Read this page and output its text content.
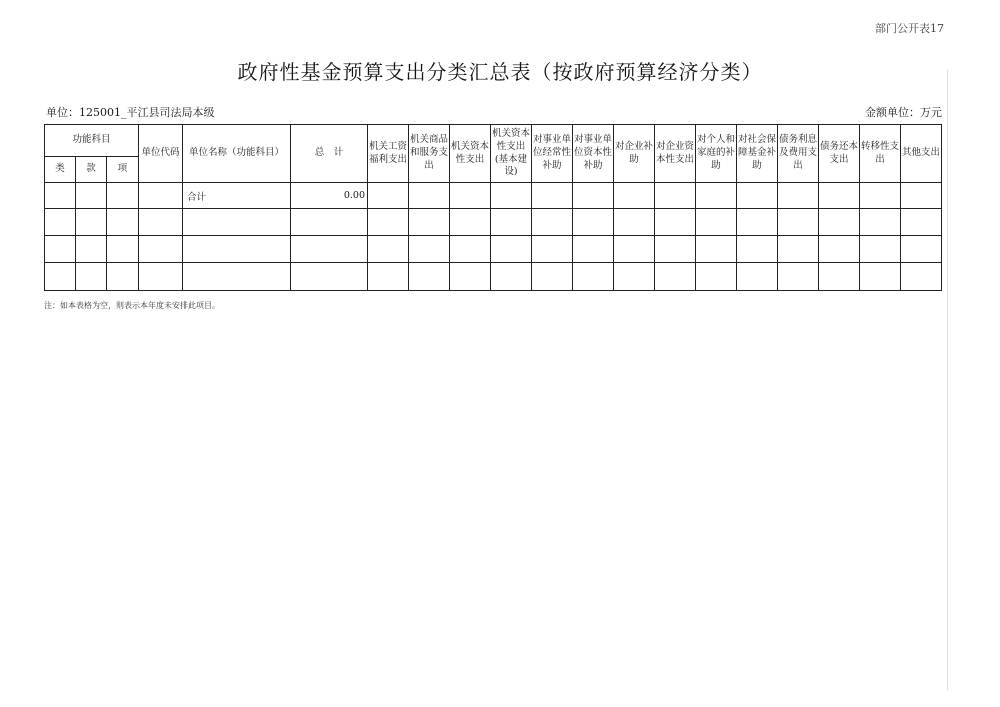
部门公开表17
政府性基金预算支出分类汇总表（按政府预算经济分类）
单位：125001_平江县司法局本级	金额单位：万元
功能科目			单位代码	单位名称（功能科目）	总　计	机关工资福利支出	机关商品和服务支出	机关资本性支出	机关资本性支出(基本建设)	对事业单位经常性补助	对事业单位资本性补助	对企业补助	对企业资本性支出	对个人和家庭的补助	对社会保障基金补助	债务利息及费用支出	债务还本支出	转移性支出	其他支出
类	款	项																	
				合计	0.00														

注：如本表格为空，则表示本年度未安排此项目。
